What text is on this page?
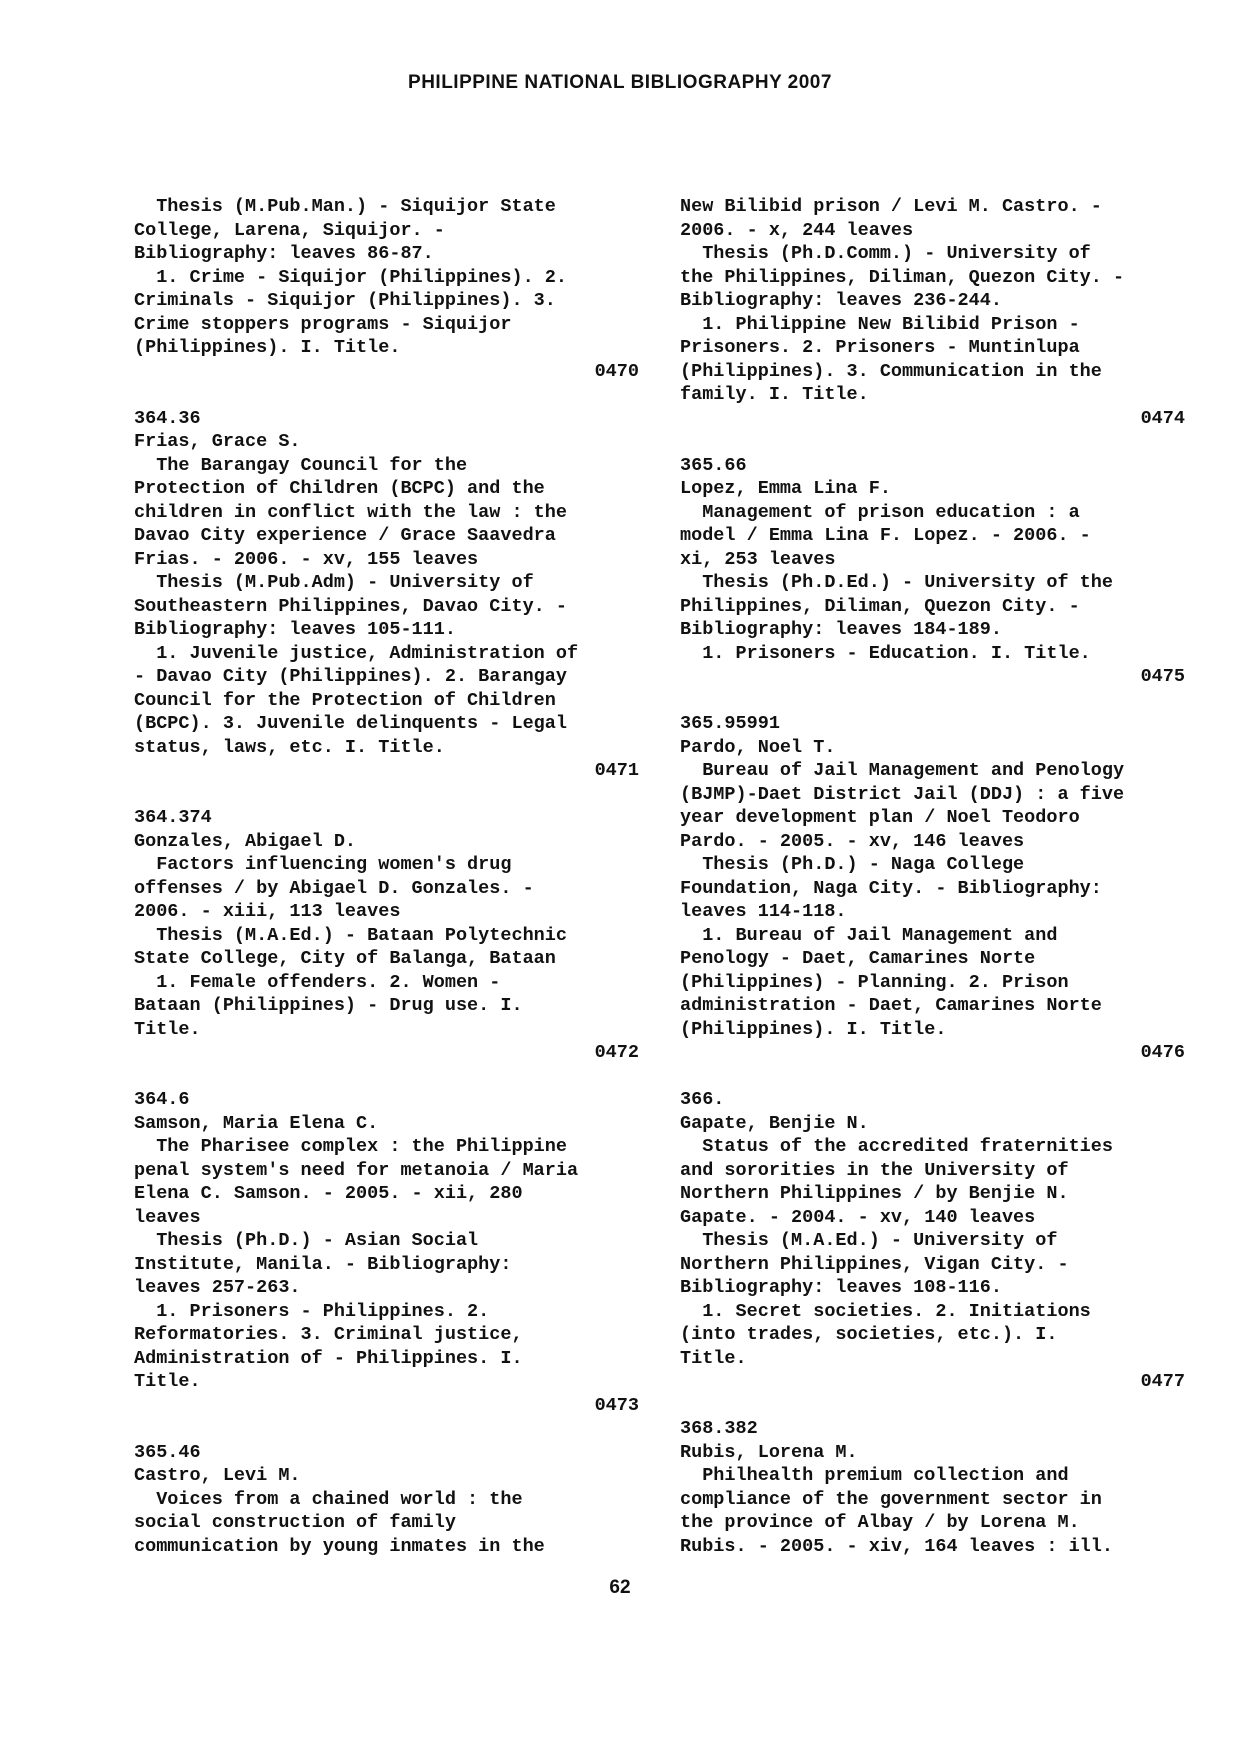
PHILIPPINE NATIONAL BIBLIOGRAPHY 2007
Thesis (M.Pub.Man.) - Siquijor State
College, Larena, Siquijor. -
Bibliography: leaves 86-87.
1. Crime - Siquijor (Philippines). 2.
Criminals - Siquijor (Philippines). 3.
Crime stoppers programs - Siquijor
(Philippines). I. Title.
0470
364.36
Frias, Grace S.
The Barangay Council for the
Protection of Children (BCPC) and the
children in conflict with the law : the
Davao City experience / Grace Saavedra
Frias. - 2006. - xv, 155 leaves
Thesis (M.Pub.Adm) - University of
Southeastern Philippines, Davao City. -
Bibliography: leaves 105-111.
1. Juvenile justice, Administration of
- Davao City (Philippines). 2. Barangay
Council for the Protection of Children
(BCPC). 3. Juvenile delinquents - Legal
status, laws, etc. I. Title.
0471
364.374
Gonzales, Abigael D.
Factors influencing women's drug
offenses / by Abigael D. Gonzales. -
2006. - xiii, 113 leaves
Thesis (M.A.Ed.) - Bataan Polytechnic
State College, City of Balanga, Bataan
1. Female offenders. 2. Women -
Bataan (Philippines) - Drug use. I.
Title.
0472
364.6
Samson, Maria Elena C.
The Pharisee complex : the Philippine
penal system's need for metanoia / Maria
Elena C. Samson. - 2005. - xii, 280
leaves
Thesis (Ph.D.) - Asian Social
Institute, Manila. - Bibliography:
leaves 257-263.
1. Prisoners - Philippines. 2.
Reformatories. 3. Criminal justice,
Administration of - Philippines. I.
Title.
0473
365.46
Castro, Levi M.
Voices from a chained world : the
social construction of family
communication by young inmates in the
New Bilibid prison / Levi M. Castro. -
2006. - x, 244 leaves
Thesis (Ph.D.Comm.) - University of
the Philippines, Diliman, Quezon City. -
Bibliography: leaves 236-244.
1. Philippine New Bilibid Prison -
Prisoners. 2. Prisoners - Muntinlupa
(Philippines). 3. Communication in the
family. I. Title.
0474
365.66
Lopez, Emma Lina F.
Management of prison education : a
model / Emma Lina F. Lopez. - 2006. -
xi, 253 leaves
Thesis (Ph.D.Ed.) - University of the
Philippines, Diliman, Quezon City. -
Bibliography: leaves 184-189.
1. Prisoners - Education. I. Title.
0475
365.95991
Pardo, Noel T.
Bureau of Jail Management and Penology
(BJMP)-Daet District Jail (DDJ) : a five
year development plan / Noel Teodoro
Pardo. - 2005. - xv, 146 leaves
Thesis (Ph.D.) - Naga College
Foundation, Naga City. - Bibliography:
leaves 114-118.
1. Bureau of Jail Management and
Penology - Daet, Camarines Norte
(Philippines) - Planning. 2. Prison
administration - Daet, Camarines Norte
(Philippines). I. Title.
0476
366.
Gapate, Benjie N.
Status of the accredited fraternities
and sororities in the University of
Northern Philippines / by Benjie N.
Gapate. - 2004. - xv, 140 leaves
Thesis (M.A.Ed.) - University of
Northern Philippines, Vigan City. -
Bibliography: leaves 108-116.
1. Secret societies. 2. Initiations
(into trades, societies, etc.). I.
Title.
0477
368.382
Rubis, Lorena M.
Philhealth premium collection and
compliance of the government sector in
the province of Albay / by Lorena M.
Rubis. - 2005. - xiv, 164 leaves : ill.
62
